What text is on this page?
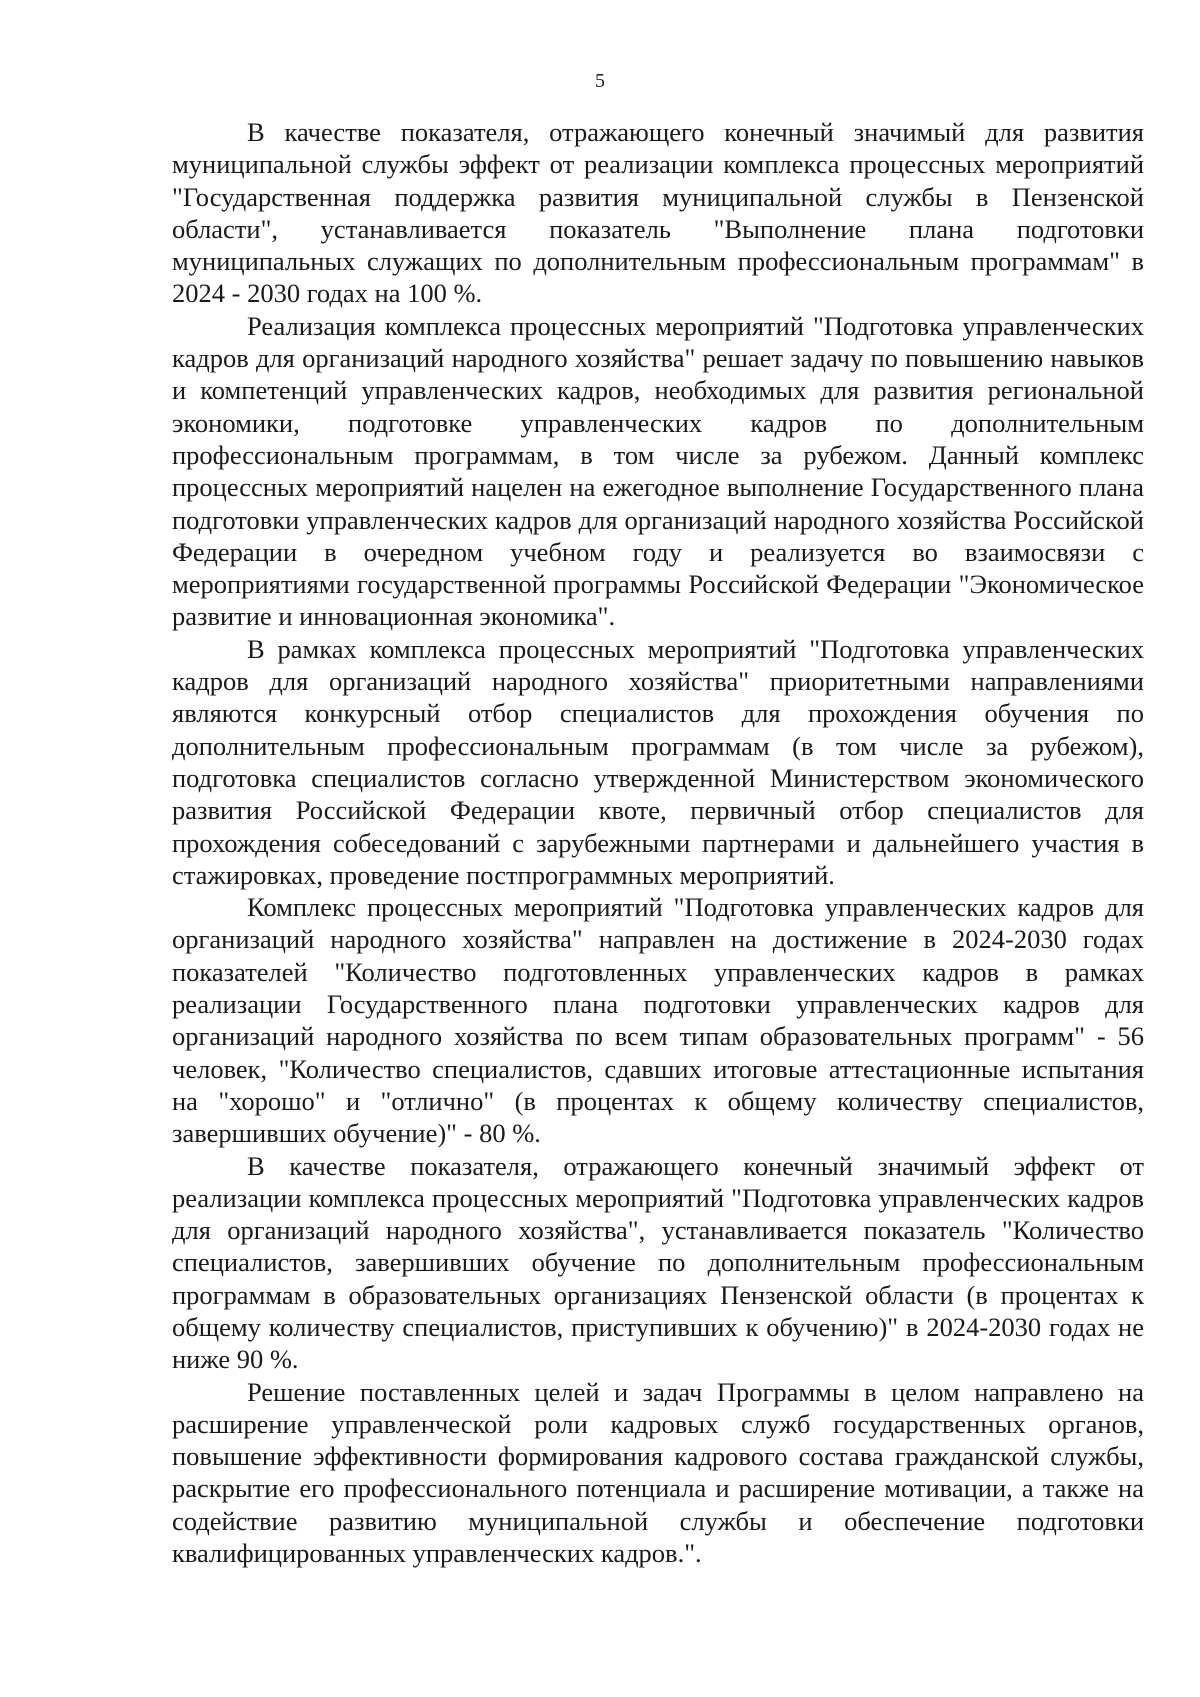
5

В качестве показателя, отражающего конечный значимый для развития муниципальной службы эффект от реализации комплекса процессных мероприятий "Государственная поддержка развития муниципальной службы в Пензенской области", устанавливается показатель "Выполнение плана подготовки муниципальных служащих по дополнительным профессиональным программам" в 2024 - 2030 годах на 100 %.

Реализация комплекса процессных мероприятий "Подготовка управленческих кадров для организаций народного хозяйства" решает задачу по повышению навыков и компетенций управленческих кадров, необходимых для развития региональной экономики, подготовке управленческих кадров по дополнительным профессиональным программам, в том числе за рубежом. Данный комплекс процессных мероприятий нацелен на ежегодное выполнение Государственного плана подготовки управленческих кадров для организаций народного хозяйства Российской Федерации в очередном учебном году и реализуется во взаимосвязи с мероприятиями государственной программы Российской Федерации "Экономическое развитие и инновационная экономика".

В рамках комплекса процессных мероприятий "Подготовка управленческих кадров для организаций народного хозяйства" приоритетными направлениями являются конкурсный отбор специалистов для прохождения обучения по дополнительным профессиональным программам (в том числе за рубежом), подготовка специалистов согласно утвержденной Министерством экономического развития Российской Федерации квоте, первичный отбор специалистов для прохождения собеседований с зарубежными партнерами и дальнейшего участия в стажировках, проведение постпрограммных мероприятий.

Комплекс процессных мероприятий "Подготовка управленческих кадров для организаций народного хозяйства" направлен на достижение в 2024-2030 годах показателей "Количество подготовленных управленческих кадров в рамках реализации Государственного плана подготовки управленческих кадров для организаций народного хозяйства по всем типам образовательных программ" - 56 человек, "Количество специалистов, сдавших итоговые аттестационные испытания на "хорошо" и "отлично" (в процентах к общему количеству специалистов, завершивших обучение)" - 80 %.

В качестве показателя, отражающего конечный значимый эффект от реализации комплекса процессных мероприятий "Подготовка управленческих кадров для организаций народного хозяйства", устанавливается показатель "Количество специалистов, завершивших обучение по дополнительным профессиональным программам в образовательных организациях Пензенской области (в процентах к общему количеству специалистов, приступивших к обучению)" в 2024-2030 годах не ниже 90 %.

Решение поставленных целей и задач Программы в целом направлено на расширение управленческой роли кадровых служб государственных органов, повышение эффективности формирования кадрового состава гражданской службы, раскрытие его профессионального потенциала и расширение мотивации, а также на содействие развитию муниципальной службы и обеспечение подготовки квалифицированных управленческих кадров.".
